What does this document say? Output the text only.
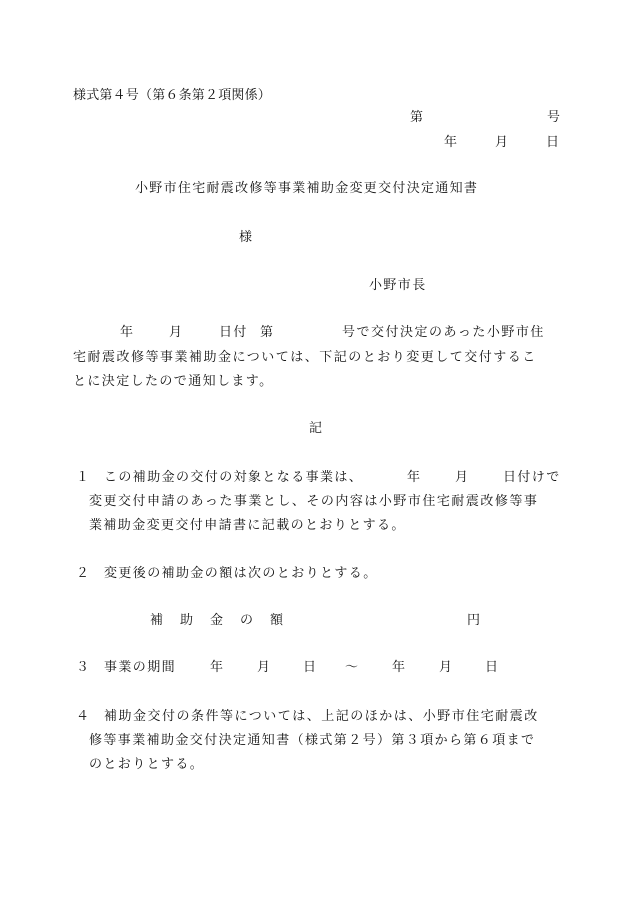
様式第４号（第６条第２項関係）
第	号
年	月	日
小野市住宅耐震改修等事業補助金変更交付決定通知書
様
小野市長
年	月	日付 第	号で交付決定のあった小野市住
宅耐震改修等事業補助金については、下記のとおり変更して交付するこ
とに決定したので通知します。
記
１ この補助金の交付の対象となる事業は、	年	月	日付けで
変更交付申請のあった事業とし、その内容は小野市住宅耐震改修等事
業補助金変更交付申請書に記載のとおりとする。
２ 変更後の補助金の額は次のとおりとする。
補 助 金 の 額	円
３ 事業の期間	年	月 日 ～	年	月 日
４ 補助金交付の条件等については、上記のほかは、小野市住宅耐震改
修等事業補助金交付決定通知書（様式第２号）第３項から第６項まで
のとおりとする。
